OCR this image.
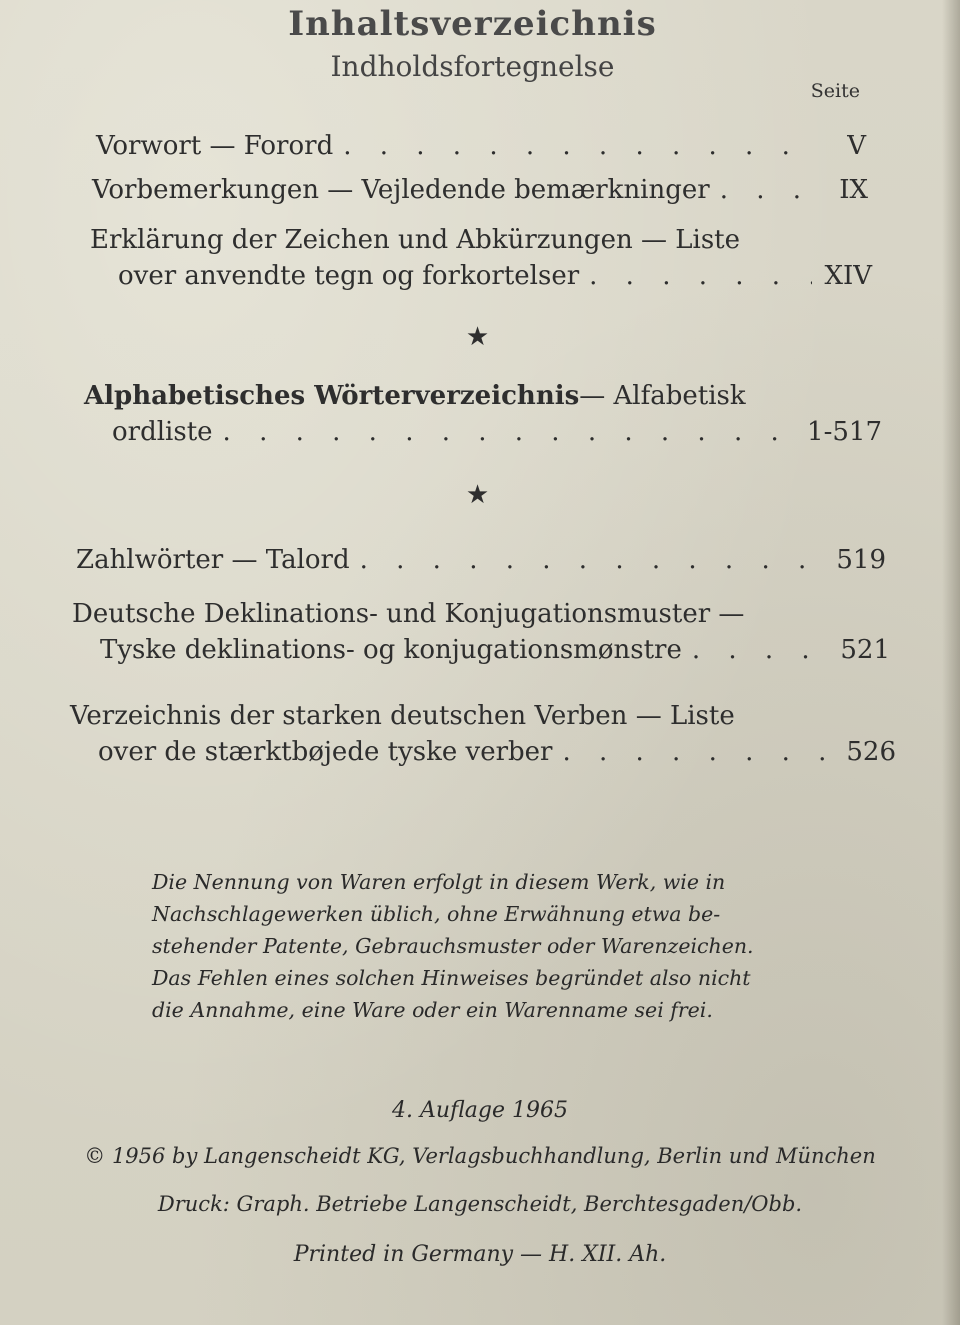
Inhaltsverzeichnis
Indholdsfortegnelse
Seite
Vorwort — Forord . . .	V
Vorbemerkungen — Vejledende bemærkninger . . .	IX
Erklärung der Zeichen und Abkürzungen — Liste
over anvendte tegn og forkortelser . . .	XIV
★
Alphabetisches Wörterverzeichnis — Alfabetisk
ordliste . . .	1-517
★
Zahlwörter — Talord . . .	519
Deutsche Deklinations- und Konjugationsmuster —
Tyske deklinations- og konjugationsmønstre . . .	521
Verzeichnis der starken deutschen Verben — Liste
over de stærktbøjede tyske verber . . .	526
Die Nennung von Waren erfolgt in diesem Werk, wie in
Nachschlagewerken üblich, ohne Erwähnung etwa be-
stehender Patente, Gebrauchsmuster oder Warenzeichen.
Das Fehlen eines solchen Hinweises begründet also nicht
die Annahme, eine Ware oder ein Warenname sei frei.
4. Auflage 1965
© 1956 by Langenscheidt KG, Verlagsbuchhandlung, Berlin und München
Druck: Graph. Betriebe Langenscheidt, Berchtesgaden/Obb.
Printed in Germany — H. XII. Ah.
